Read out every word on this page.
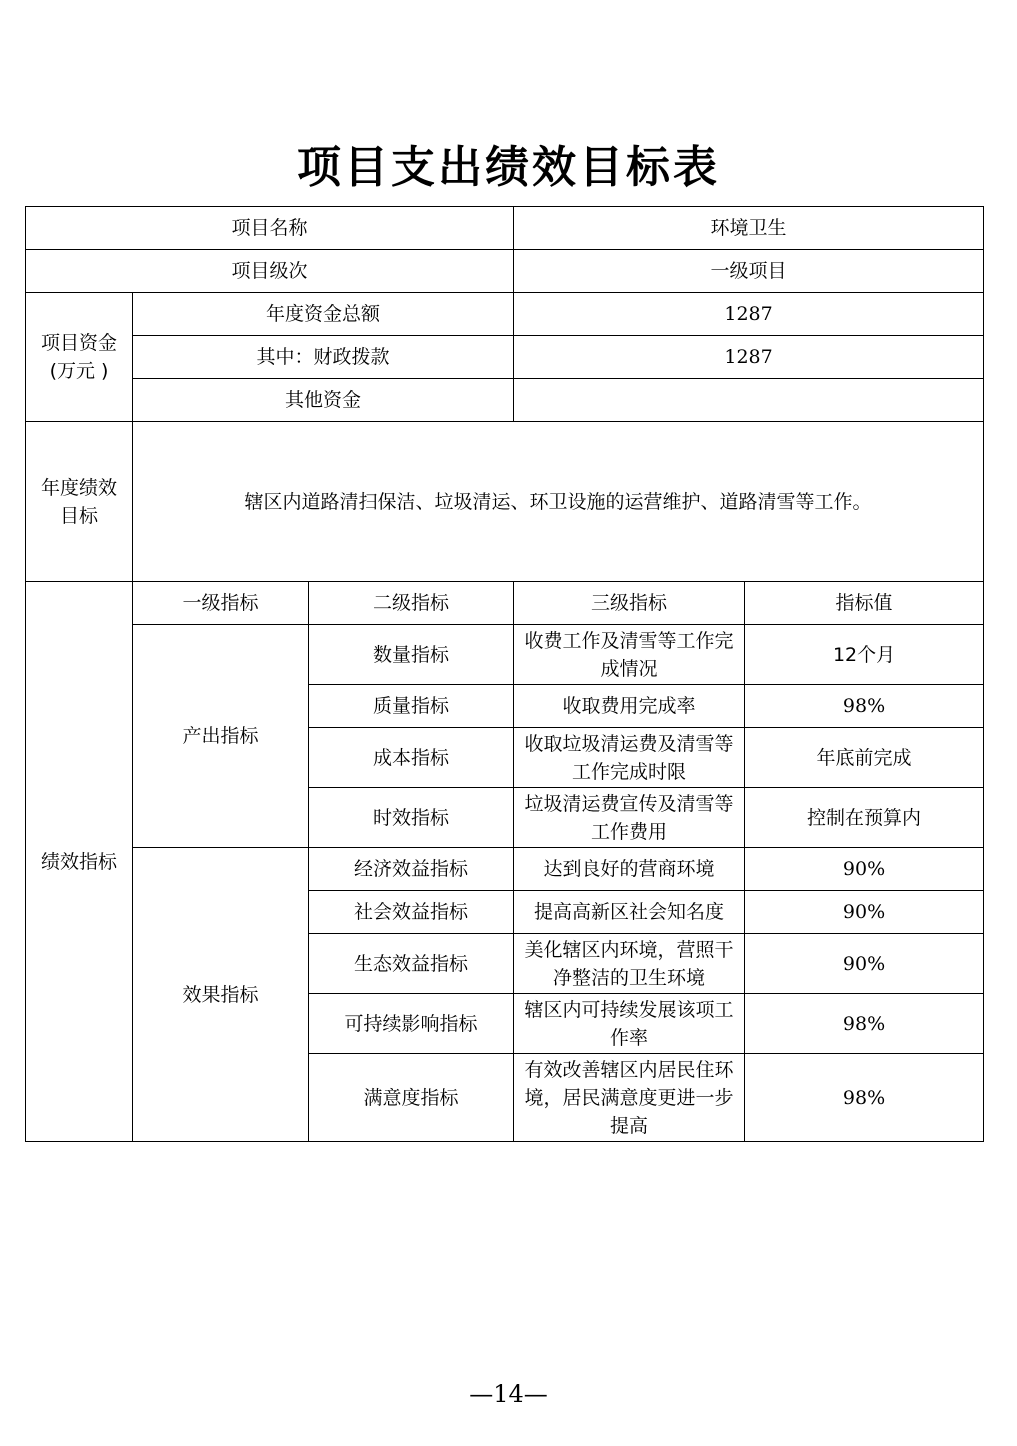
项目支出绩效目标表
项目名称			环境卫生	
项目级次			一级项目	
项目资金
(万元 )	年度资金总额		1287	
	其中：财政拨款		1287	
	其他资金			
年度绩效
目标	辖区内道路清扫保洁、垃圾清运、环卫设施的运营维护、道路清雪等工作。			
绩效指标	一级指标	二级指标	三级指标	指标值
	产出指标	数量指标	收费工作及清雪等工作完成情况	12个月
		质量指标	收取费用完成率	98%
		成本指标	收取垃圾清运费及清雪等工作完成时限	年底前完成
		时效指标	垃圾清运费宣传及清雪等工作费用	控制在预算内
	效果指标	经济效益指标	达到良好的营商环境	90%
		社会效益指标	提高高新区社会知名度	90%
		生态效益指标	美化辖区内环境，营照干净整洁的卫生环境	90%
		可持续影响指标	辖区内可持续发展该项工作率	98%
		满意度指标	有效改善辖区内居民住环境，居民满意度更进一步提高	98%
—14—
